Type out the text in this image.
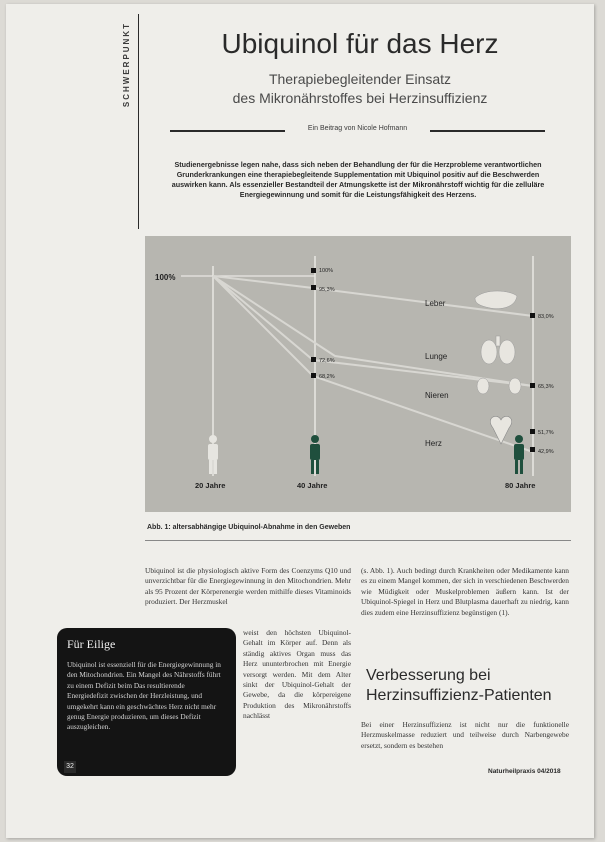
SCHWERPUNKT	Ubiquinol für das Herz
Therapiebegleitender Einsatz
des Mikronährstoffes bei Herzinsuffizienz
Ein Beitrag von Nicole Hofmann
Studienergebnisse legen nahe, dass sich neben der Behandlung der für die Herzprobleme verantwortlichen Grunderkrankungen eine therapiebegleitende Supplementation mit Ubiquinol positiv auf die Beschwerden auswirken kann. Als essenzieller Bestandteil der Atmungskette ist der Mikronährstoff wichtig für die zelluläre Energiegewinnung und somit für die Leistungsfähigkeit des Herzens.
100%
100%
95,3%
72,6%
68,2%
83,0%
65,3%
51,7%
42,9%
Leber
Lunge
Nieren
Herz
20 Jahre	40 Jahre	80 Jahre
Abb. 1: altersabhängige Ubiquinol-Abnahme in den Geweben
Ubiquinol ist die physiologisch aktive Form des Coenzyms Q10 und unverzichtbar für die Energiegewinnung in den Mitochondrien. Mehr als 95 Prozent der Körperenergie werden mithilfe dieses Vitaminoids produziert. Der Herzmuskel
weist den höchsten Ubiquinol-Gehalt im Körper auf. Denn als ständig aktives Organ muss das Herz ununterbrochen mit Energie versorgt werden. Mit dem Alter sinkt der Ubiquinol-Gehalt der Gewebe, da die körpereigene Produktion des Mikronährstoffs nachlässt
(s. Abb. 1). Auch bedingt durch Krankheiten oder Medikamente kann es zu einem Mangel kommen, der sich in verschiedenen Beschwerden wie Müdigkeit oder Muskelproblemen äußern kann. Ist der Ubiquinol-Spiegel in Herz und Blutplasma dauerhaft zu niedrig, kann dies zudem eine Herzinsuffizienz begünstigen (1).
Verbesserung bei Herzinsuffizienz-Patienten
Bei einer Herzinsuffizienz ist nicht nur die funktionelle Herzmuskelmasse reduziert und teilweise durch Narbengewebe ersetzt, sondern es bestehen
Für Eilige
Ubiquinol ist essenziell für die Energiegewinnung in den Mitochondrien. Ein Mangel des Nährstoffs führt zu einem Defizit beim Das resultierende Energiedefizit zwischen der Herzleistung, und umgekehrt kann ein geschwächtes Herz nicht mehr genug Energie produzieren, um dieses Defizit auszugleichen.
32
Naturheilpraxis 04/2018
